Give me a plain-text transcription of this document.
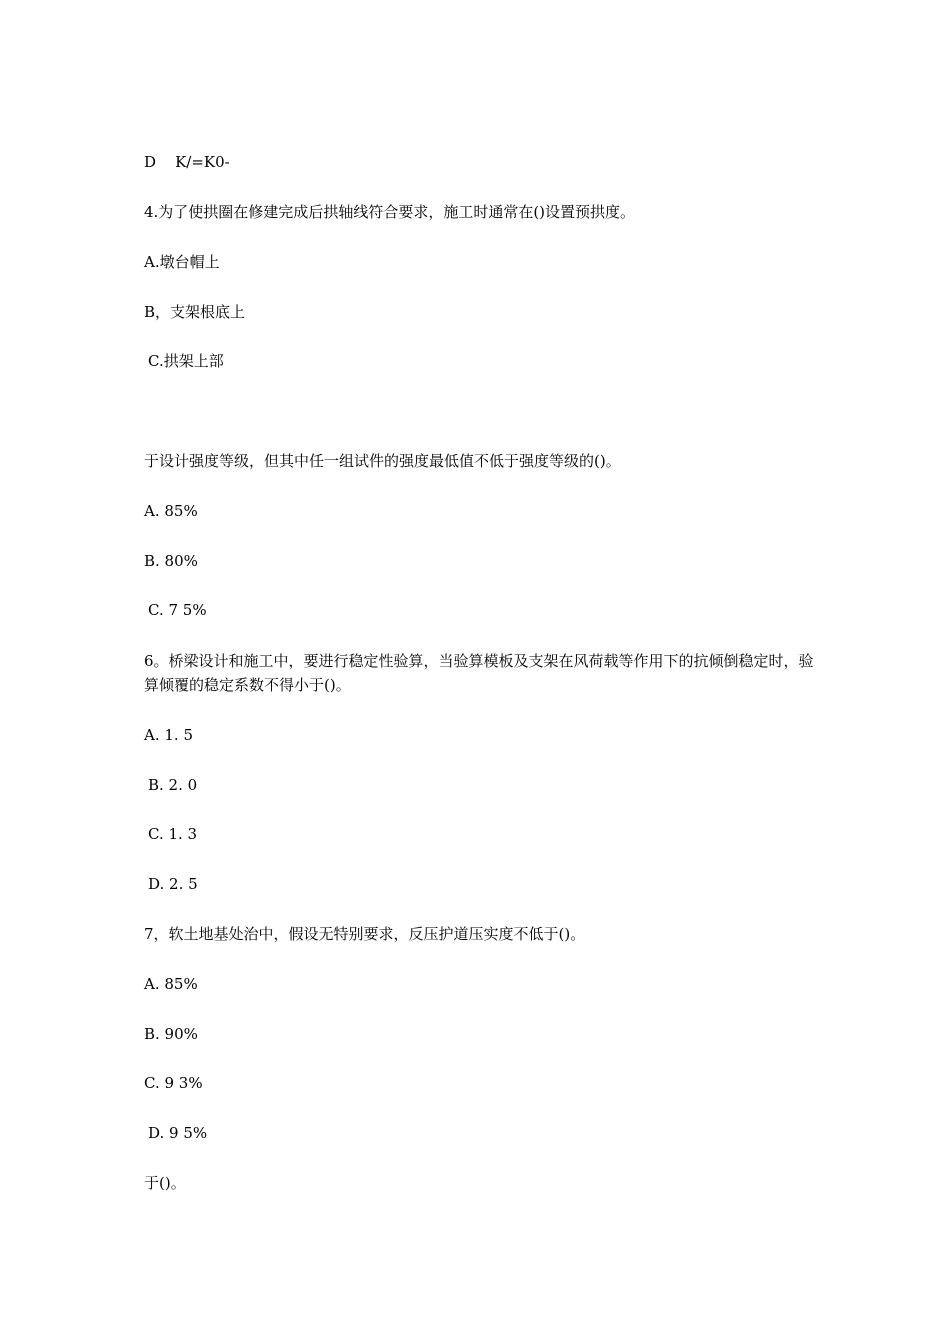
D    K/=K0-
4.为了使拱圈在修建完成后拱轴线符合要求，施工时通常在()设置预拱度。
A.墩台帽上
B，支架根底上
C.拱架上部
于设计强度等级，但其中任一组试件的强度最低值不低于强度等级的()。
A. 85%
B. 80%
C. 7 5%
6。桥梁设计和施工中，要进行稳定性验算，当验算模板及支架在风荷载等作用下的抗倾倒稳定时，验算倾覆的稳定系数不得小于()。
A. 1. 5
B. 2. 0
C. 1. 3
D. 2. 5
7，软土地基处治中，假设无特别要求，反压护道压实度不低于()。
A. 85%
B. 90%
C. 9 3%
D. 9 5%
于()。
